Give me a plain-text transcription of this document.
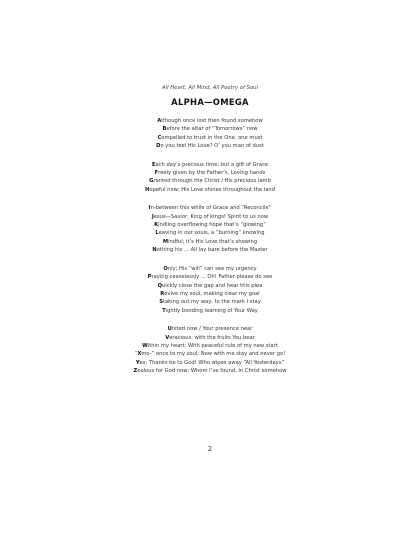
All Heart, All Mind, All Poetry of Soul
ALPHA—OMEGA
Although once lost then found somehow
Before the altar of “Tomorrows” now
Compelled to trust in the One, one must
Do you feel His Love? O’ you man of dust
Each day’s precious time; but a gift of Grace
Freely given by the Father’s, Loving hands
Granted through the Christ / His precious lamb
Hopeful now; His Love shines throughout the land
In-between this while of Grace and “Reconcile”
Jesus—Savior, King of kings! Spirit to us now
Kindling overflowing hope that’s “glowing”
Leaving in our souls, a “burning” knowing
Mindful; it’s His Love that’s showing
Nothing his ... All lay bare before the Master
Only; His “will” can see my urgency
Praying ceaselessly ... Oh! Father please do see
Quickly close the gap and hear this plea
Revive my soul, making clear my goal
Staking out my way, to the mark I stay
Tightly bonding learning of Your Way
United now / Your presence near
Veracious, with the fruits You bear
Within my heart; With peaceful rule of my new start
“Xmo-” once to my soul; Now with me stay and never go!
Yes; Thanks be to God! Who wipes away “All Yesterdays”
Zealous for God now; Whom I’ve found, in Christ somehow
2
